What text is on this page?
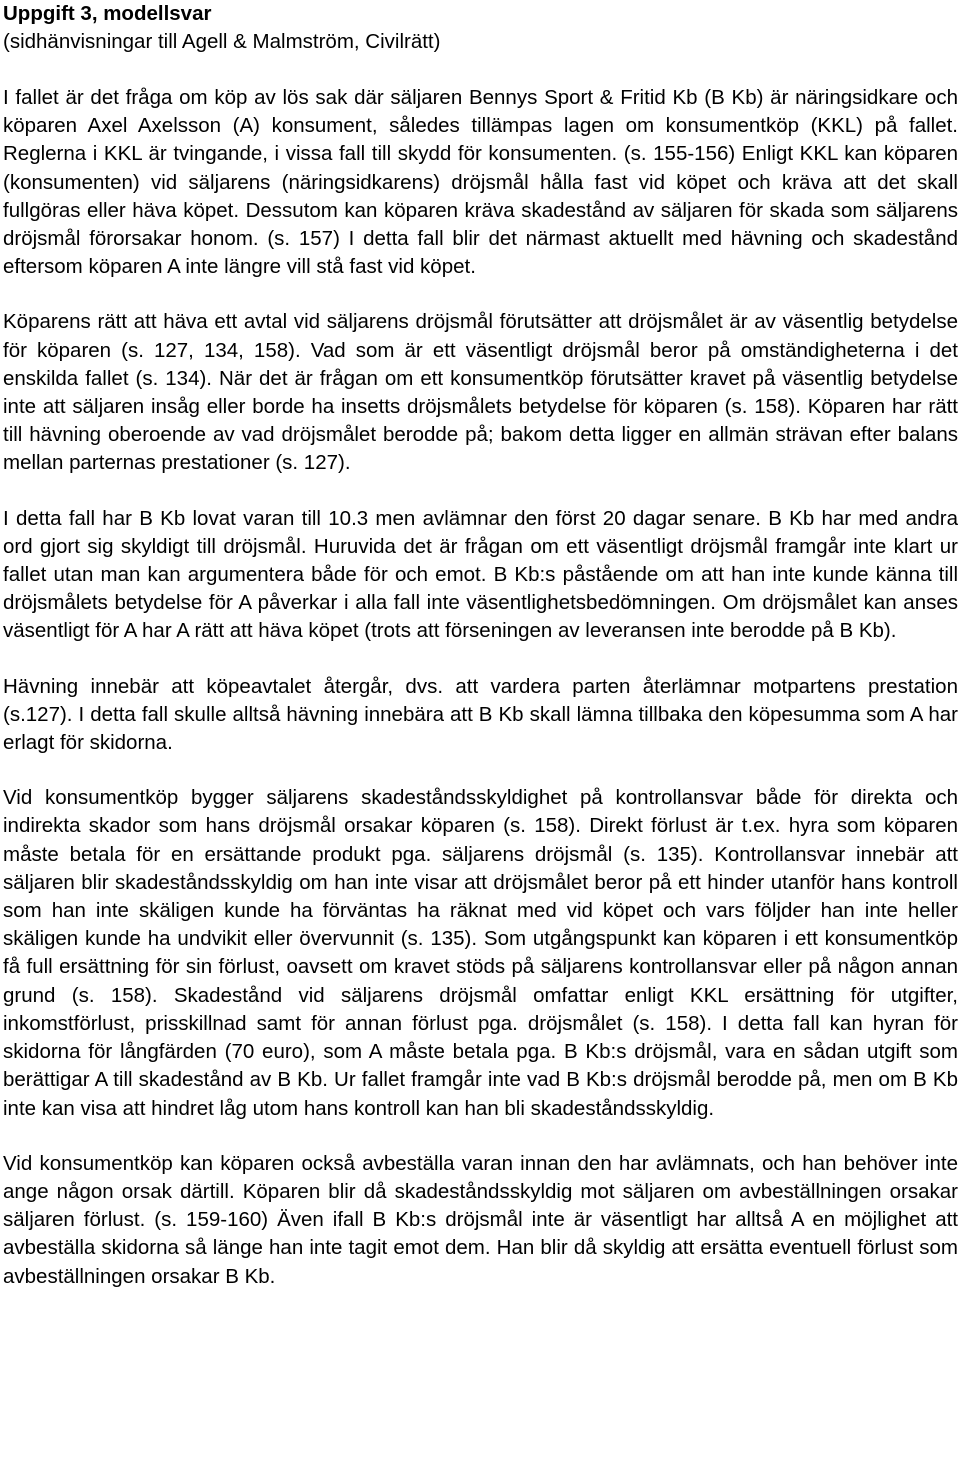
Uppgift 3, modellsvar

(sidhänvisningar till Agell & Malmström, Civilrätt)

I fallet är det fråga om köp av lös sak där säljaren Bennys Sport & Fritid Kb (B Kb) är näringsidkare och köparen Axel Axelsson (A) konsument, således tillämpas lagen om konsumentköp (KKL) på fallet. Reglerna i KKL är tvingande, i vissa fall till skydd för konsumenten. (s. 155-156) Enligt KKL kan köparen (konsumenten) vid säljarens (näringsidkarens) dröjsmål hålla fast vid köpet och kräva att det skall fullgöras eller häva köpet. Dessutom kan köparen kräva skadestånd av säljaren för skada som säljarens dröjsmål förorsakar honom. (s. 157) I detta fall blir det närmast aktuellt med hävning och skadestånd eftersom köparen A inte längre vill stå fast vid köpet.

Köparens rätt att häva ett avtal vid säljarens dröjsmål förutsätter att dröjsmålet är av väsentlig betydelse för köparen (s. 127, 134, 158). Vad som är ett väsentligt dröjsmål beror på omständigheterna i det enskilda fallet (s. 134). När det är frågan om ett konsumentköp förutsätter kravet på väsentlig betydelse inte att säljaren insåg eller borde ha insetts dröjsmålets betydelse för köparen (s. 158). Köparen har rätt till hävning oberoende av vad dröjsmålet berodde på; bakom detta ligger en allmän strävan efter balans mellan parternas prestationer (s. 127).

I detta fall har B Kb lovat varan till 10.3 men avlämnar den först 20 dagar senare. B Kb har med andra ord gjort sig skyldigt till dröjsmål. Huruvida det är frågan om ett väsentligt dröjsmål framgår inte klart ur fallet utan man kan argumentera både för och emot. B Kb:s påstående om att han inte kunde känna till dröjsmålets betydelse för A påverkar i alla fall inte väsentlighetsbedömningen. Om dröjsmålet kan anses väsentligt för A har A rätt att häva köpet (trots att förseningen av leveransen inte berodde på B Kb).

Hävning innebär att köpeavtalet återgår, dvs. att vardera parten återlämnar motpartens prestation (s.127). I detta fall skulle alltså hävning innebära att B Kb skall lämna tillbaka den köpesumma som A har erlagt för skidorna.

Vid konsumentköp bygger säljarens skadeståndsskyldighet på kontrollansvar både för direkta och indirekta skador som hans dröjsmål orsakar köparen (s. 158). Direkt förlust är t.ex. hyra som köparen måste betala för en ersättande produkt pga. säljarens dröjsmål (s. 135). Kontrollansvar innebär att säljaren blir skadeståndsskyldig om han inte visar att dröjsmålet beror på ett hinder utanför hans kontroll som han inte skäligen kunde ha förväntas ha räknat med vid köpet och vars följder han inte heller skäligen kunde ha undvikit eller övervunnit (s. 135). Som utgångspunkt kan köparen i ett konsumentköp få full ersättning för sin förlust, oavsett om kravet stöds på säljarens kontrollansvar eller på någon annan grund (s. 158). Skadestånd vid säljarens dröjsmål omfattar enligt KKL ersättning för utgifter, inkomstförlust, prisskillnad samt för annan förlust pga. dröjsmålet (s. 158). I detta fall kan hyran för skidorna för långfärden (70 euro), som A måste betala pga. B Kb:s dröjsmål, vara en sådan utgift som berättigar A till skadestånd av B Kb. Ur fallet framgår inte vad B Kb:s dröjsmål berodde på, men om B Kb inte kan visa att hindret låg utom hans kontroll kan han bli skadeståndsskyldig.

Vid konsumentköp kan köparen också avbeställa varan innan den har avlämnats, och han behöver inte ange någon orsak därtill. Köparen blir då skadeståndsskyldig mot säljaren om avbeställningen orsakar säljaren förlust. (s. 159-160) Även ifall B Kb:s dröjsmål inte är väsentligt har alltså A en möjlighet att avbeställa skidorna så länge han inte tagit emot dem. Han blir då skyldig att ersätta eventuell förlust som avbeställningen orsakar B Kb.
